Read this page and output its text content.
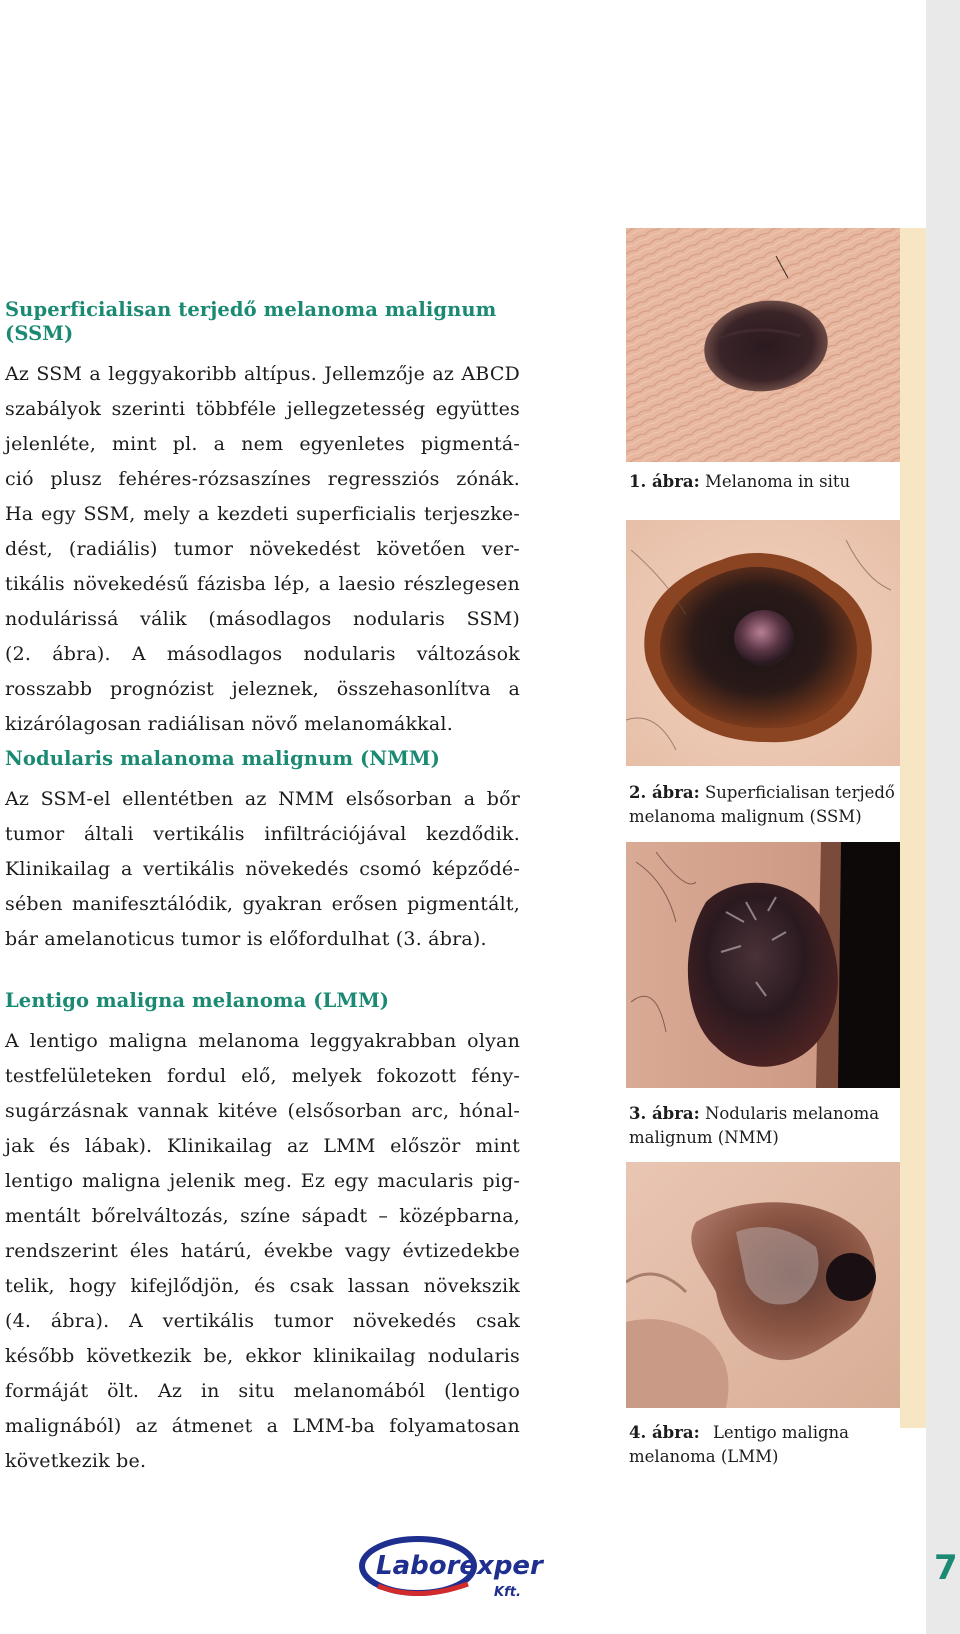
Superficialisan terjedő melanoma malignum (SSM)

Az SSM a leggyakoribb altípus. Jellemzője az ABCD
szabályok szerinti többféle jellegzetesség együttes
jelenléte, mint pl. a nem egyenletes pigmentá-
ció plusz fehéres-rózsaszínes regressziós zónák.
Ha egy SSM, mely a kezdeti superficialis terjeszke-
dést, (radiális) tumor növekedést követően ver-
tikális növekedésű fázisba lép, a laesio részlegesen
nodulárissá válik (másodlagos nodularis SSM)
(2. ábra). A másodlagos nodularis változások
rosszabb prognózist jeleznek, összehasonlítva a
kizárólagosan radiálisan növő melanomákkal.

Nodularis malanoma malignum (NMM)

Az SSM-el ellentétben az NMM elsősorban a bőr
tumor általi vertikális infiltrációjával kezdődik.
Klinikailag a vertikális növekedés csomó képződé-
sében manifesztálódik, gyakran erősen pigmentált,
bár amelanoticus tumor is előfordulhat (3. ábra).

Lentigo maligna melanoma (LMM)

A lentigo maligna melanoma leggyakrabban olyan
testfelületeken fordul elő, melyek fokozott fény-
sugárzásnak vannak kitéve (elsősorban arc, hónal-
jak és lábak). Klinikailag az LMM először mint
lentigo maligna jelenik meg. Ez egy macularis pig-
mentált bőrelváltozás, színe sápadt – középbarna,
rendszerint éles határú, évekbe vagy évtizedekbe
telik, hogy kifejlődjön, és csak lassan növekszik
(4. ábra). A vertikális tumor növekedés csak
később következik be, ekkor klinikailag nodularis
formáját ölt. Az in situ melanomából (lentigo
malignából) az átmenet a LMM-ba folyamatosan
következik be.

1. ábra: Melanoma in situ
2. ábra: Superficialisan terjedő
melanoma malignum (SSM)
3. ábra: Nodularis melanoma
malignum (NMM)
4. ábra: Lentigo maligna
melanoma (LMM)
Laborexpert
Kft.
7
